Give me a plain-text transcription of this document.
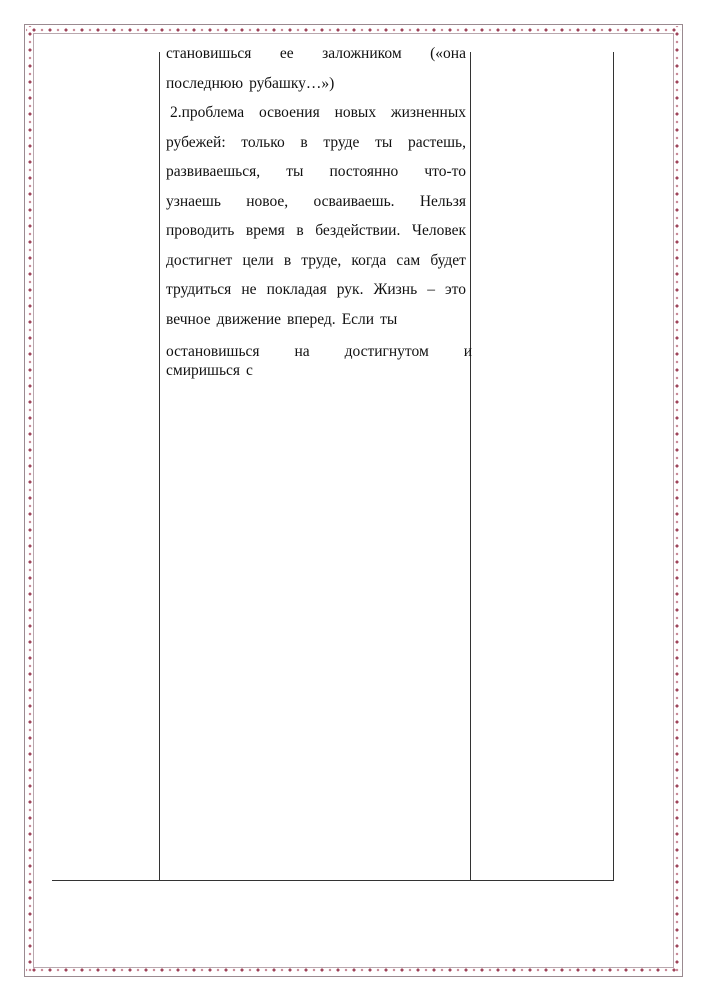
становишься ее заложником («она
последнюю рубашку…»)
2.проблема освоения новых жизненных
рубежей: только в труде ты растешь,
развиваешься, ты постоянно что-то
узнаешь новое, осваиваешь. Нельзя
проводить время в бездействии. Человек
достигнет цели в труде, когда сам будет
трудиться не покладая рук. Жизнь – это
вечное движение вперед. Если ты
остановишься на достигнутом и
смиришься с
